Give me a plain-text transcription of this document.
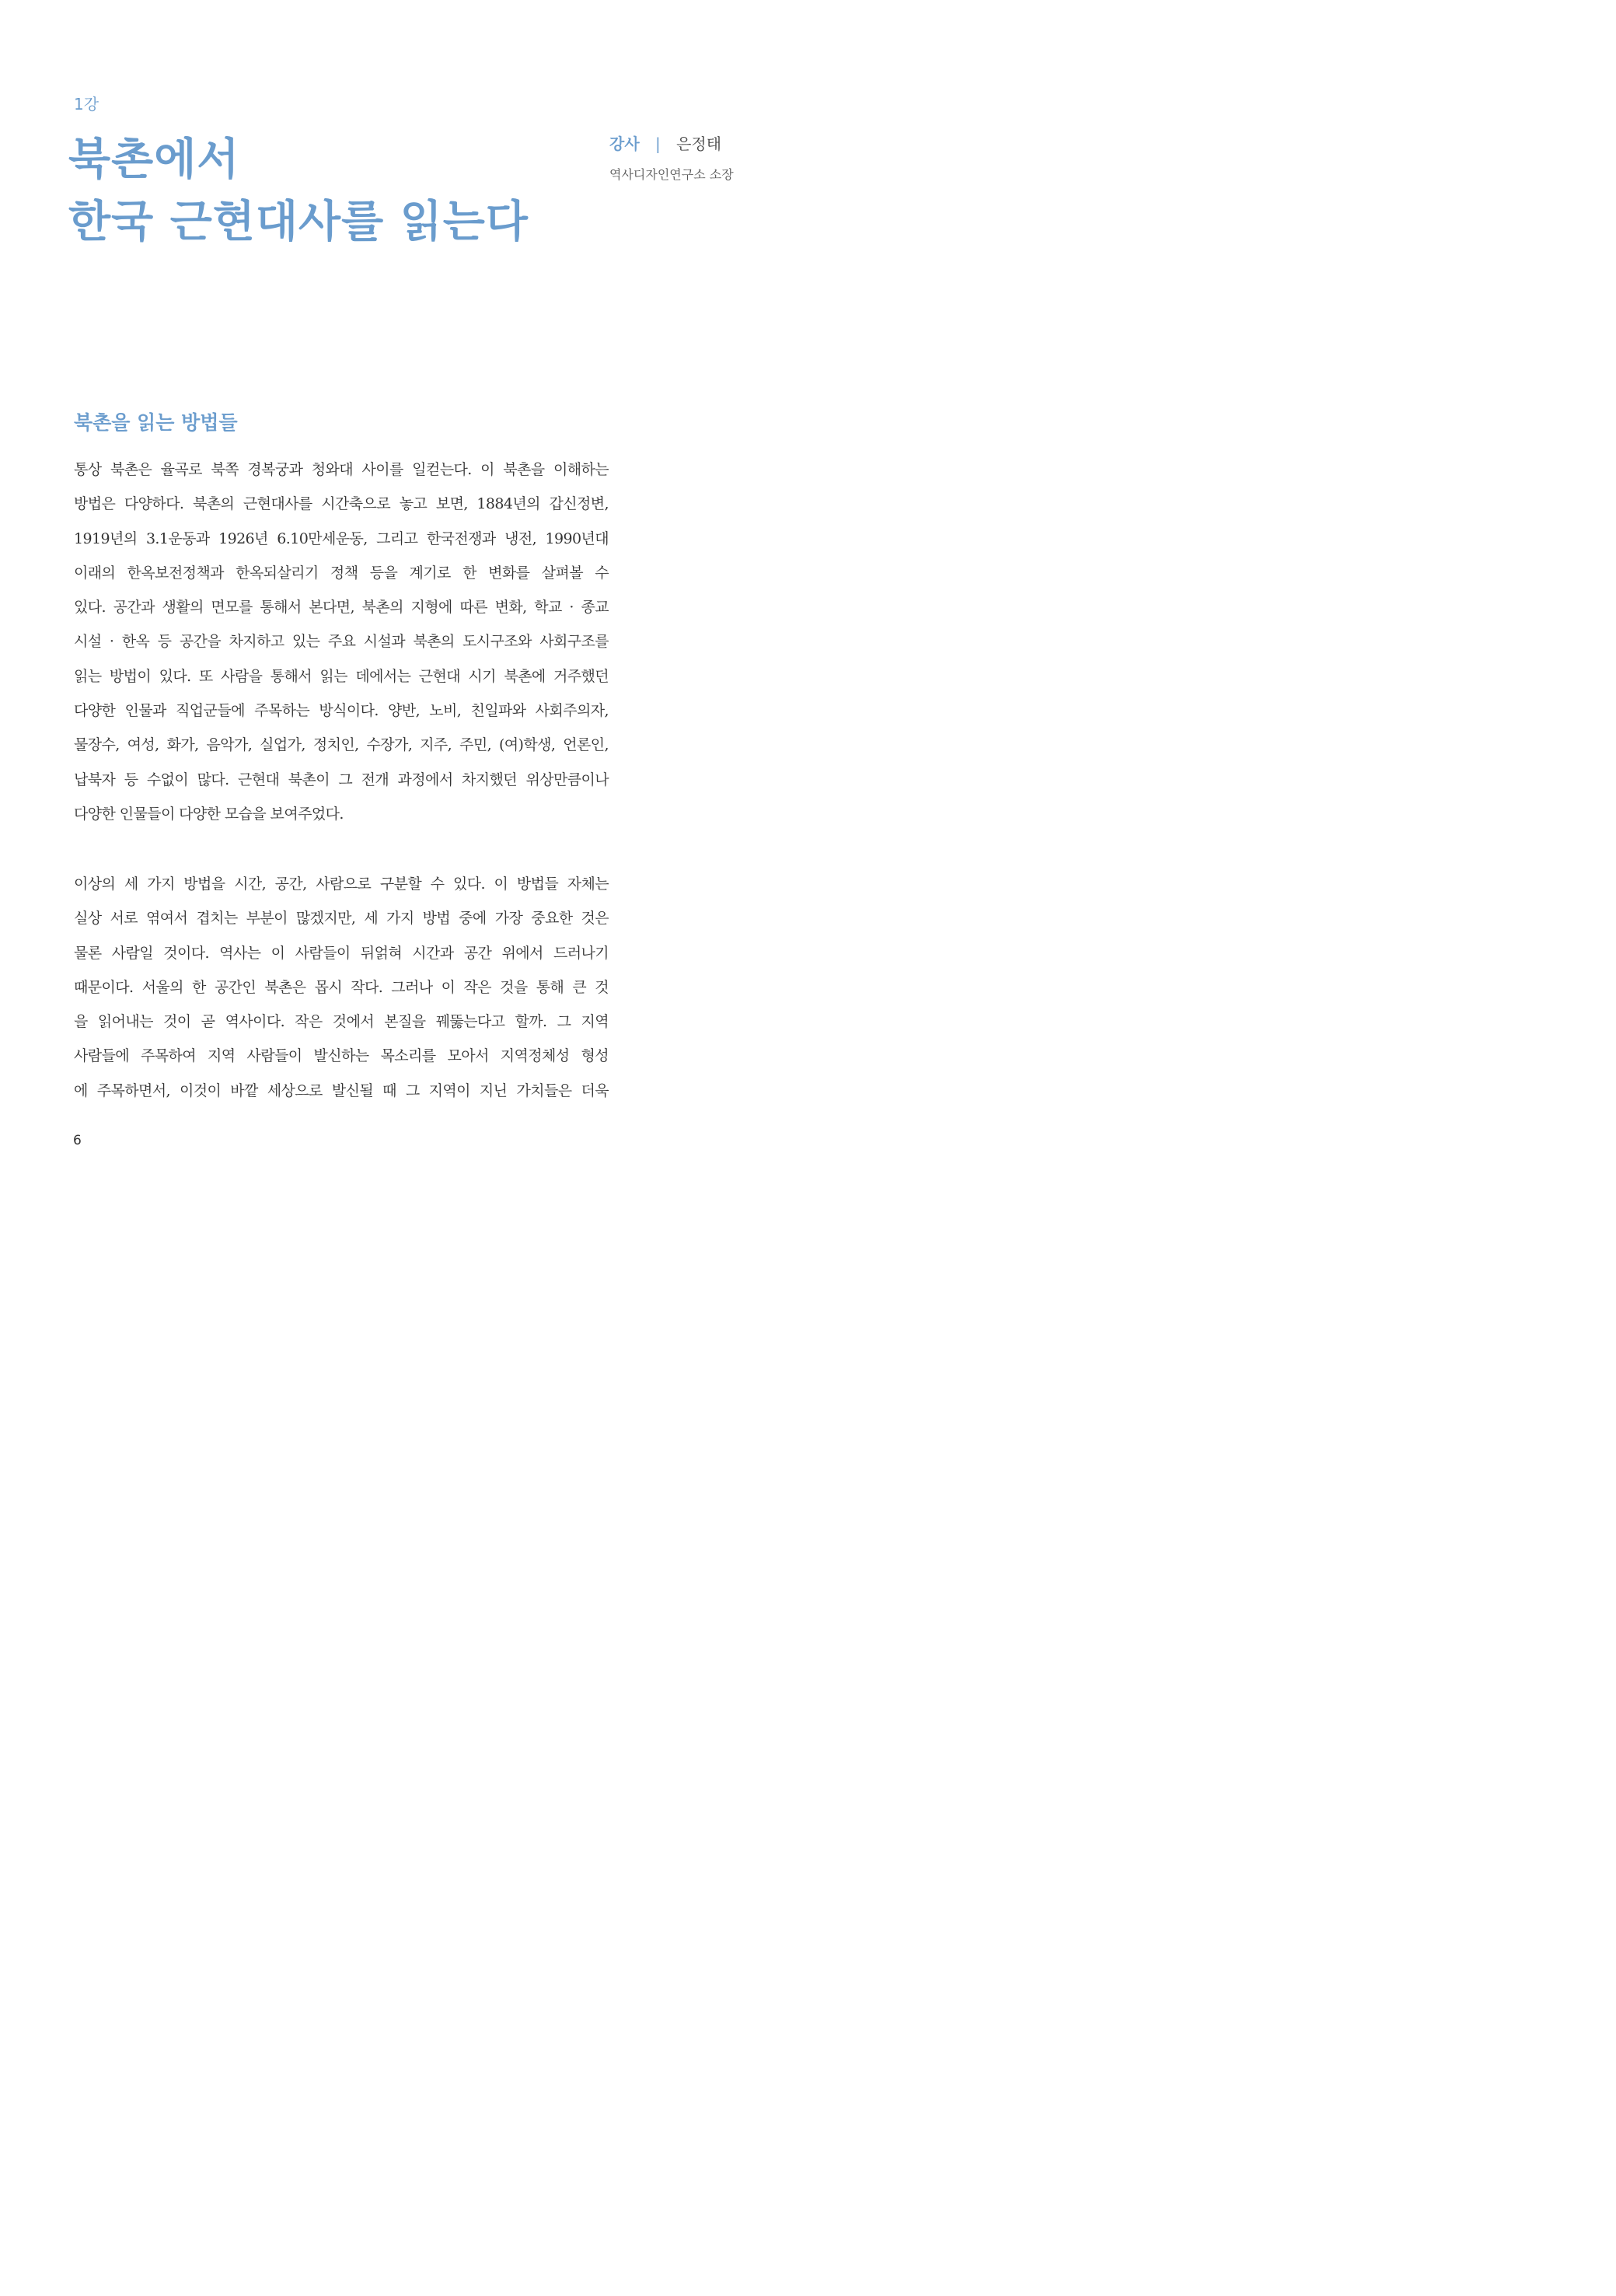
1강
북촌에서
한국 근현대사를 읽는다
강사 | 은정태
역사디자인연구소 소장
북촌을 읽는 방법들
통상 북촌은 율곡로 북쪽 경복궁과 청와대 사이를 일컫는다. 이 북촌을 이해하는
방법은 다양하다. 북촌의 근현대사를 시간축으로 놓고 보면, 1884년의 갑신정변,
1919년의 3.1운동과 1926년 6.10만세운동, 그리고 한국전쟁과 냉전, 1990년대
이래의 한옥보전정책과 한옥되살리기 정책 등을 계기로 한 변화를 살펴볼 수
있다. 공간과 생활의 면모를 통해서 본다면, 북촌의 지형에 따른 변화, 학교 · 종교
시설 · 한옥 등 공간을 차지하고 있는 주요 시설과 북촌의 도시구조와 사회구조를
읽는 방법이 있다. 또 사람을 통해서 읽는 데에서는 근현대 시기 북촌에 거주했던
다양한 인물과 직업군들에 주목하는 방식이다. 양반, 노비, 친일파와 사회주의자,
물장수, 여성, 화가, 음악가, 실업가, 정치인, 수장가, 지주, 주민, (여)학생, 언론인,
납북자 등 수없이 많다. 근현대 북촌이 그 전개 과정에서 차지했던 위상만큼이나
다양한 인물들이 다양한 모습을 보여주었다.
이상의 세 가지 방법을 시간, 공간, 사람으로 구분할 수 있다. 이 방법들 자체는
실상 서로 엮여서 겹치는 부분이 많겠지만, 세 가지 방법 중에 가장 중요한 것은
물론 사람일 것이다. 역사는 이 사람들이 뒤얽혀 시간과 공간 위에서 드러나기
때문이다. 서울의 한 공간인 북촌은 몹시 작다. 그러나 이 작은 것을 통해 큰 것
을 읽어내는 것이 곧 역사이다. 작은 것에서 본질을 꿰뚫는다고 할까. 그 지역
사람들에 주목하여 지역 사람들이 발신하는 목소리를 모아서 지역정체성 형성
에 주목하면서, 이것이 바깥 세상으로 발신될 때 그 지역이 지닌 가치들은 더욱
6
